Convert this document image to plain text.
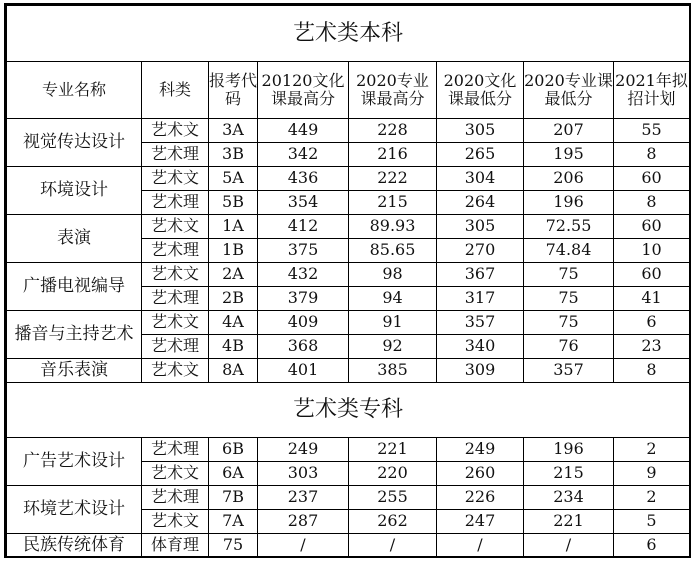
艺术类本科							
专业名称	科类	报考代码	20120文化课最高分	2020专业课最高分	2020文化课最低分	2020专业课最低分	2021年拟招计划
视觉传达设计	艺术文	3A	449	228	305	207	55
	艺术理	3B	342	216	265	195	8
环境设计	艺术文	5A	436	222	304	206	60
	艺术理	5B	354	215	264	196	8
表演	艺术文	1A	412	89.93	305	72.55	60
	艺术理	1B	375	85.65	270	74.84	10
广播电视编导	艺术文	2A	432	98	367	75	60
	艺术理	2B	379	94	317	75	41
播音与主持艺术	艺术文	4A	409	91	357	75	6
	艺术理	4B	368	92	340	76	23
音乐表演	艺术文	8A	401	385	309	357	8
艺术类专科							
广告艺术设计	艺术理	6B	249	221	249	196	2
	艺术文	6A	303	220	260	215	9
环境艺术设计	艺术理	7B	237	255	226	234	2
	艺术文	7A	287	262	247	221	5
民族传统体育	体育理	75	/	/	/	/	6
